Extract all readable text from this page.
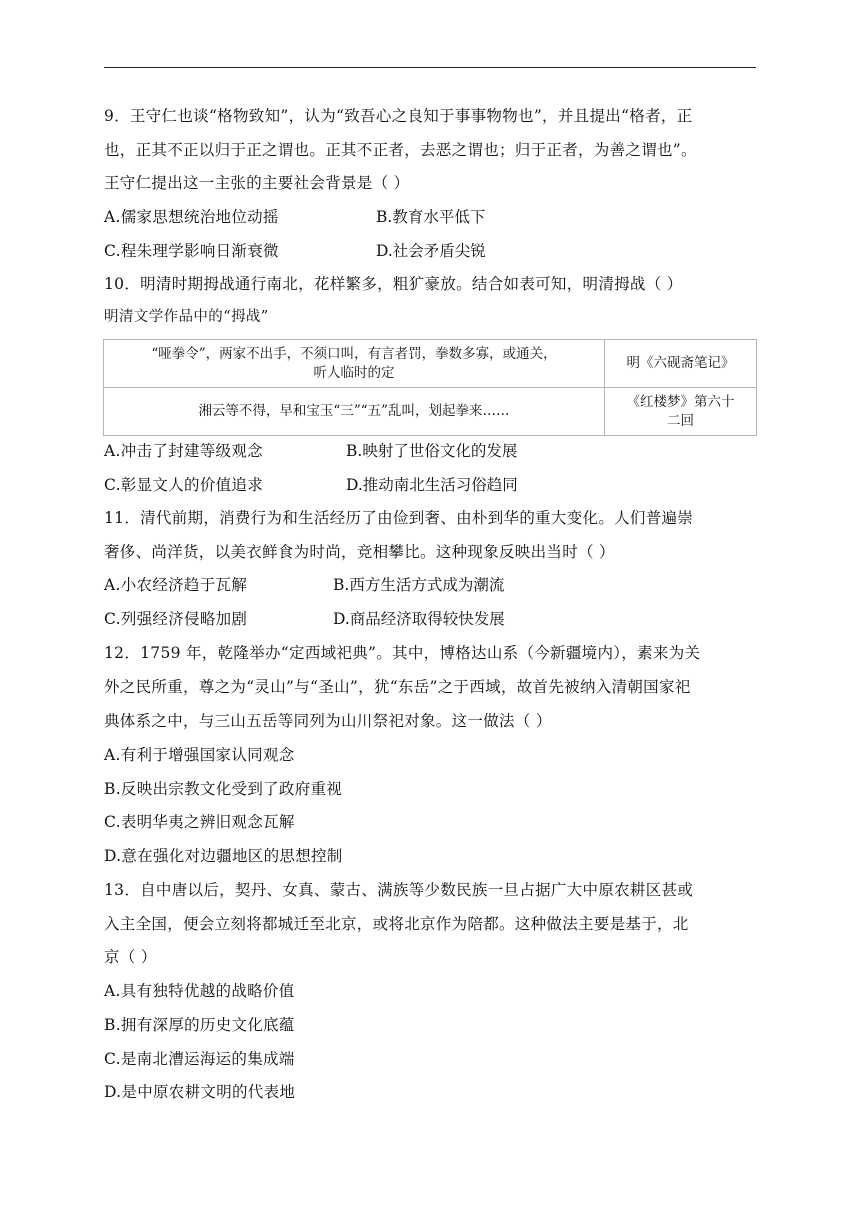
9．王守仁也谈“格物致知”，认为“致吾心之良知于事事物物也”，并且提出“格者，正
也，正其不正以归于正之谓也。正其不正者，去恶之谓也；归于正者，为善之谓也”。
王守仁提出这一主张的主要社会背景是（ ）
A.儒家思想统治地位动摇	B.教育水平低下
C.程朱理学影响日渐衰微	D.社会矛盾尖锐
10．明清时期拇战通行南北，花样繁多，粗犷豪放。结合如表可知，明清拇战（ ）
明清文学作品中的“拇战”
“哑拳令”，两家不出手，不须口叫，有言者罚，拳数多寡，或通关，
听人临时的定	明《六砚斋笔记》

湘云等不得，早和宝玉“三”“五”乱叫，划起拳来……	《红楼梦》第六十
二回
A.冲击了封建等级观念	B.映射了世俗文化的发展
C.彰显文人的价值追求	D.推动南北生活习俗趋同
11．清代前期，消费行为和生活经历了由俭到奢、由朴到华的重大变化。人们普遍崇
奢侈、尚洋货，以美衣鲜食为时尚，竞相攀比。这种现象反映出当时（ ）
A.小农经济趋于瓦解	B.西方生活方式成为潮流
C.列强经济侵略加剧	D.商品经济取得较快发展
12．1759 年，乾隆举办“定西域祀典”。其中，博格达山系（今新疆境内），素来为关
外之民所重，尊之为“灵山”与“圣山”，犹“东岳”之于西域，故首先被纳入清朝国家祀
典体系之中，与三山五岳等同列为山川祭祀对象。这一做法（ ）
A.有利于增强国家认同观念
B.反映出宗教文化受到了政府重视
C.表明华夷之辨旧观念瓦解
D.意在强化对边疆地区的思想控制
13．自中唐以后，契丹、女真、蒙古、满族等少数民族一旦占据广大中原农耕区甚或
入主全国，便会立刻将都城迁至北京，或将北京作为陪都。这种做法主要是基于，北
京（ ）
A.具有独特优越的战略价值
B.拥有深厚的历史文化底蕴
C.是南北漕运海运的集成端
D.是中原农耕文明的代表地
